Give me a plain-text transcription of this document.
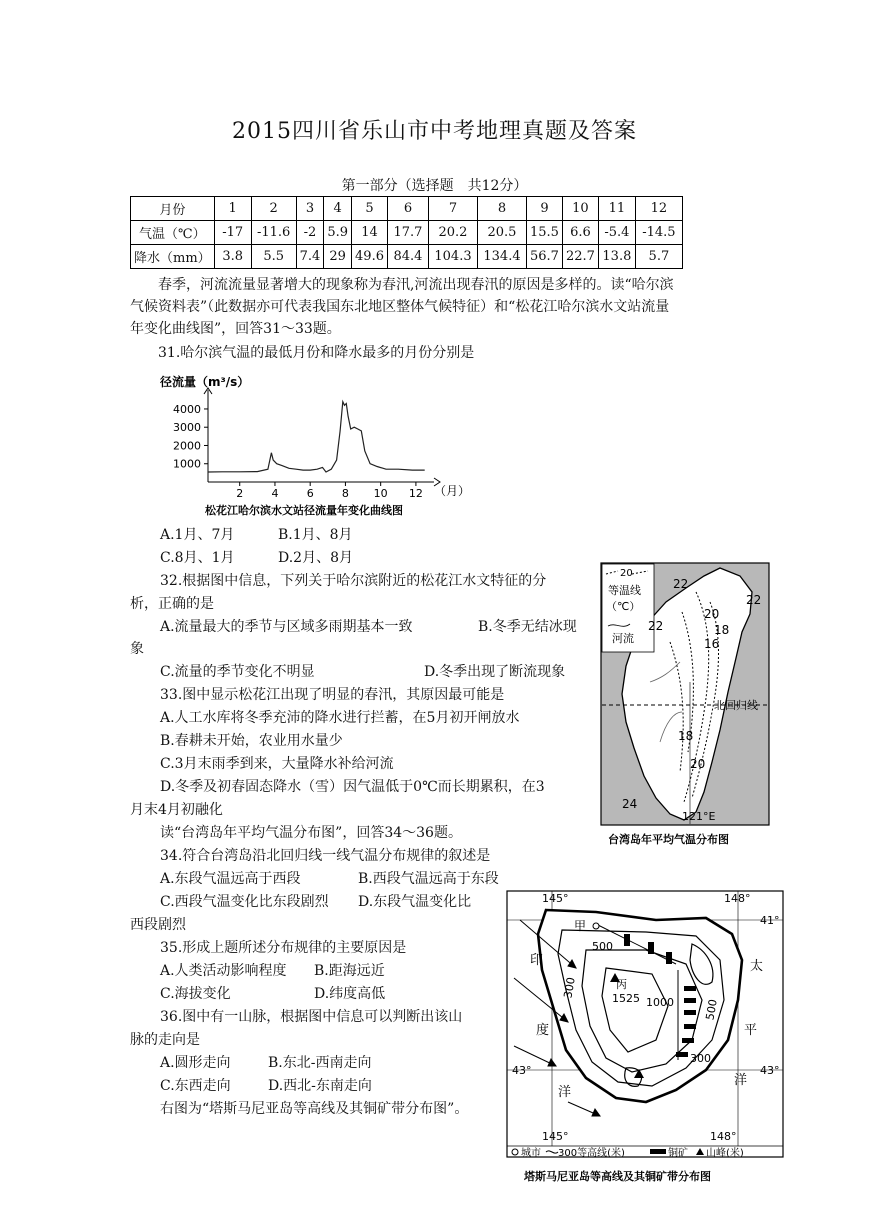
2015四川省乐山市中考地理真题及答案
第一部分（选择题　共12分）
月份	1	2	3	4	5	6	7	8	9	10	11	12
气温（℃）	-17	-11.6	-2	5.9	14	17.7	20.2	20.5	15.5	6.6	-5.4	-14.5
降水（mm）	3.8	5.5	7.4	29	49.6	84.4	104.3	134.4	56.7	22.7	13.8	5.7
春季，河流流量显著增大的现象称为春汛,河流出现春汛的原因是多样的。读“哈尔滨
气候资料表”（此数据亦可代表我国东北地区整体气候特征）和“松花江哈尔滨水文站流量
年变化曲线图”，回答31～33题。
31.哈尔滨气温的最低月份和降水最多的月份分别是
径流量（m³/s）
2	4	6	8 10 12
1000
2000
3000
4000
（月）
松花江哈尔滨水文站径流量年变化曲线图
A.1月、7月	B.1月、8月
C.8月、1月	D.2月、8月
32.根据图中信息，下列关于哈尔滨附近的松花江水文特征的分
析，正确的是
A.流量最大的季节与区域多雨期基本一致	B.冬季无结冰现
象
C.流量的季节变化不明显	D.冬季出现了断流现象
33.图中显示松花江出现了明显的春汛，其原因最可能是
A.人工水库将冬季充沛的降水进行拦蓄，在5月初开闸放水
B.春耕未开始，农业用水量少
C.3月末雨季到来，大量降水补给河流
D.冬季及初春固态降水（雪）因气温低于0℃而长期累积，在3
月末4月初融化
读“台湾岛年平均气温分布图”，回答34～36题。
34.符合台湾岛沿北回归线一线气温分布规律的叙述是
A.东段气温远高于西段	B.西段气温远高于东段
C.西段气温变化比东段剧烈 D.东段气温变化比
西段剧烈
35.形成上题所述分布规律的主要原因是
A.人类活动影响程度 B.距海远近
C.海拔变化	D.纬度高低
36.图中有一山脉，根据图中信息可以判断出该山
脉的走向是
A.圆形走向	B.东北-西南走向
C.东西走向	D.西北-东南走向
右图为“塔斯马尼亚岛等高线及其铜矿带分布图”。
20
等温线
（℃）
河流
22
22
22
20
16
18
18
20
24
北回归线
121°E
台湾岛年平均气温分布图
145°	148°
41°
43°	43°
145°	148°
甲
丙
1525
500
300
1000	500
300
印
度
洋
太
平
洋
城市 300等高线(米)	铜矿 山峰(米)
塔斯马尼亚岛等高线及其铜矿带分布图
